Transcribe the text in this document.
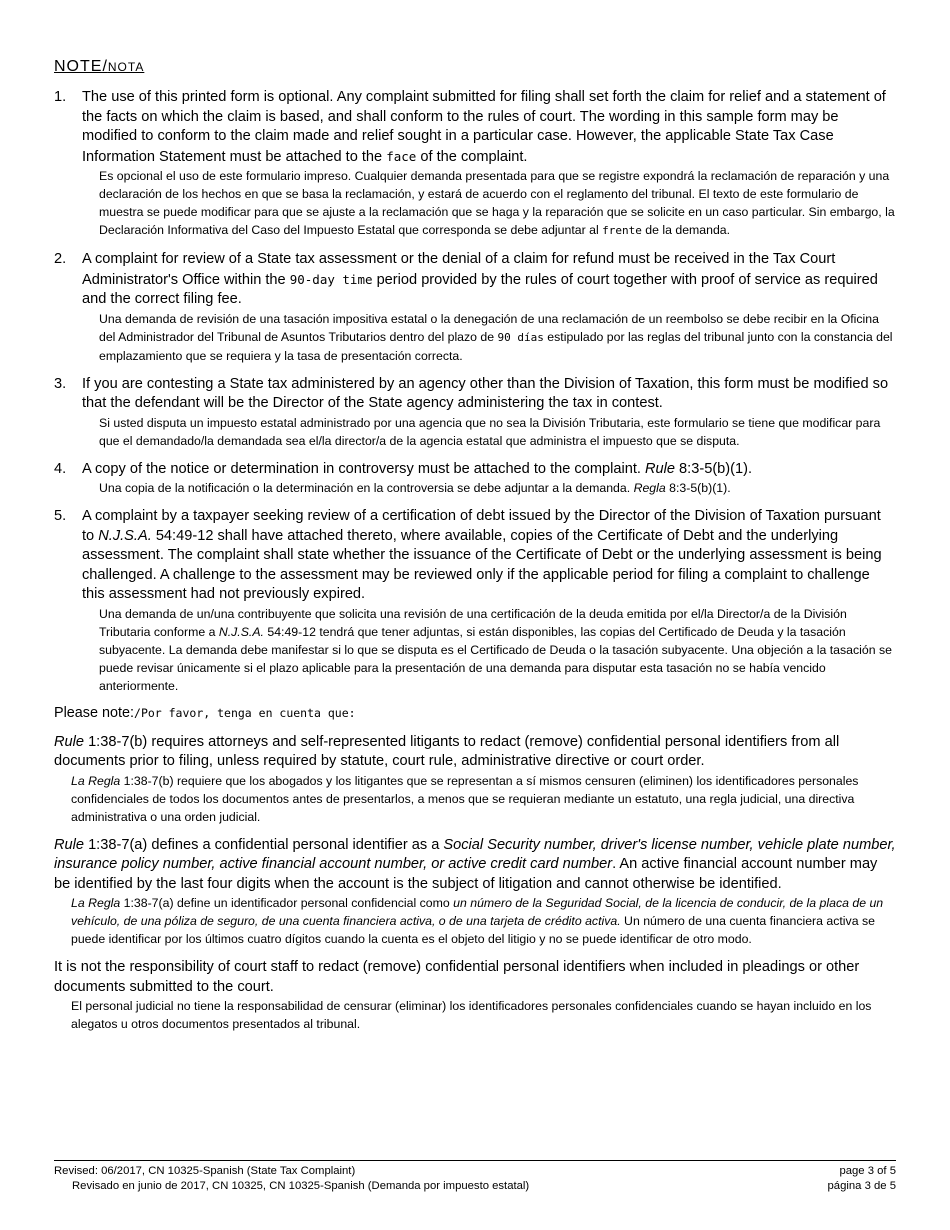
NOTE/NOTA
1.	The use of this printed form is optional. Any complaint submitted for filing shall set forth the claim for relief and a statement of the facts on which the claim is based, and shall conform to the rules of court. The wording in this sample form may be modified to conform to the claim made and relief sought in a particular case. However, the applicable State Tax Case Information Statement must be attached to the face of the complaint.
Es opcional el uso de este formulario impreso. Cualquier demanda presentada para que se registre expondrá la reclamación de reparación y una declaración de los hechos en que se basa la reclamación, y estará de acuerdo con el reglamento del tribunal. El texto de este formulario de muestra se puede modificar para que se ajuste a la reclamación que se haga y la reparación que se solicite en un caso particular. Sin embargo, la Declaración Informativa del Caso del Impuesto Estatal que corresponda se debe adjuntar al frente de la demanda.
2.	A complaint for review of a State tax assessment or the denial of a claim for refund must be received in the Tax Court Administrator's Office within the 90-day time period provided by the rules of court together with proof of service as required and the correct filing fee.
Una demanda de revisión de una tasación impositiva estatal o la denegación de una reclamación de un reembolso se debe recibir en la Oficina del Administrador del Tribunal de Asuntos Tributarios dentro del plazo de 90 días estipulado por las reglas del tribunal junto con la constancia del emplazamiento que se requiera y la tasa de presentación correcta.
3.	If you are contesting a State tax administered by an agency other than the Division of Taxation, this form must be modified so that the defendant will be the Director of the State agency administering the tax in contest.
Si usted disputa un impuesto estatal administrado por una agencia que no sea la División Tributaria, este formulario se tiene que modificar para que el demandado/la demandada sea el/la director/a de la agencia estatal que administra el impuesto que se disputa.
4.	A copy of the notice or determination in controversy must be attached to the complaint. Rule 8:3-5(b)(1).
Una copia de la notificación o la determinación en la controversia se debe adjuntar a la demanda. Regla 8:3-5(b)(1).
5.	A complaint by a taxpayer seeking review of a certification of debt issued by the Director of the Division of Taxation pursuant to N.J.S.A. 54:49-12 shall have attached thereto, where available, copies of the Certificate of Debt and the underlying assessment. The complaint shall state whether the issuance of the Certificate of Debt or the underlying assessment is being challenged. A challenge to the assessment may be reviewed only if the applicable period for filing a complaint to challenge this assessment had not previously expired.
Una demanda de un/una contribuyente que solicita una revisión de una certificación de la deuda emitida por el/la Director/a de la División Tributaria conforme a N.J.S.A. 54:49-12 tendrá que tener adjuntas, si están disponibles, las copias del Certificado de Deuda y la tasación subyacente. La demanda debe manifestar si lo que se disputa es el Certificado de Deuda o la tasación subyacente. Una objeción a la tasación se puede revisar únicamente si el plazo aplicable para la presentación de una demanda para disputar esta tasación no se había vencido anteriormente.
Please note:/Por favor, tenga en cuenta que:
Rule 1:38-7(b) requires attorneys and self-represented litigants to redact (remove) confidential personal identifiers from all documents prior to filing, unless required by statute, court rule, administrative directive or court order.
La Regla 1:38-7(b) requiere que los abogados y los litigantes que se representan a sí mismos censuren (eliminen) los identificadores personales confidenciales de todos los documentos antes de presentarlos, a menos que se requieran mediante un estatuto, una regla judicial, una directiva administrativa o una orden judicial.
Rule 1:38-7(a) defines a confidential personal identifier as a Social Security number, driver's license number, vehicle plate number, insurance policy number, active financial account number, or active credit card number. An active financial account number may be identified by the last four digits when the account is the subject of litigation and cannot otherwise be identified.
La Regla 1:38-7(a) define un identificador personal confidencial como un número de la Seguridad Social, de la licencia de conducir, de la placa de un vehículo, de una póliza de seguro, de una cuenta financiera activa, o de una tarjeta de crédito activa. Un número de una cuenta financiera activa se puede identificar por los últimos cuatro dígitos cuando la cuenta es el objeto del litigio y no se puede identificar de otro modo.
It is not the responsibility of court staff to redact (remove) confidential personal identifiers when included in pleadings or other documents submitted to the court.
El personal judicial no tiene la responsabilidad de censurar (eliminar) los identificadores personales confidenciales cuando se hayan incluido en los alegatos u otros documentos presentados al tribunal.
Revised: 06/2017, CN 10325-Spanish (State Tax Complaint)	page 3 of 5
Revisado en junio de 2017, CN 10325, CN 10325-Spanish (Demanda por impuesto estatal)	página 3 de 5
